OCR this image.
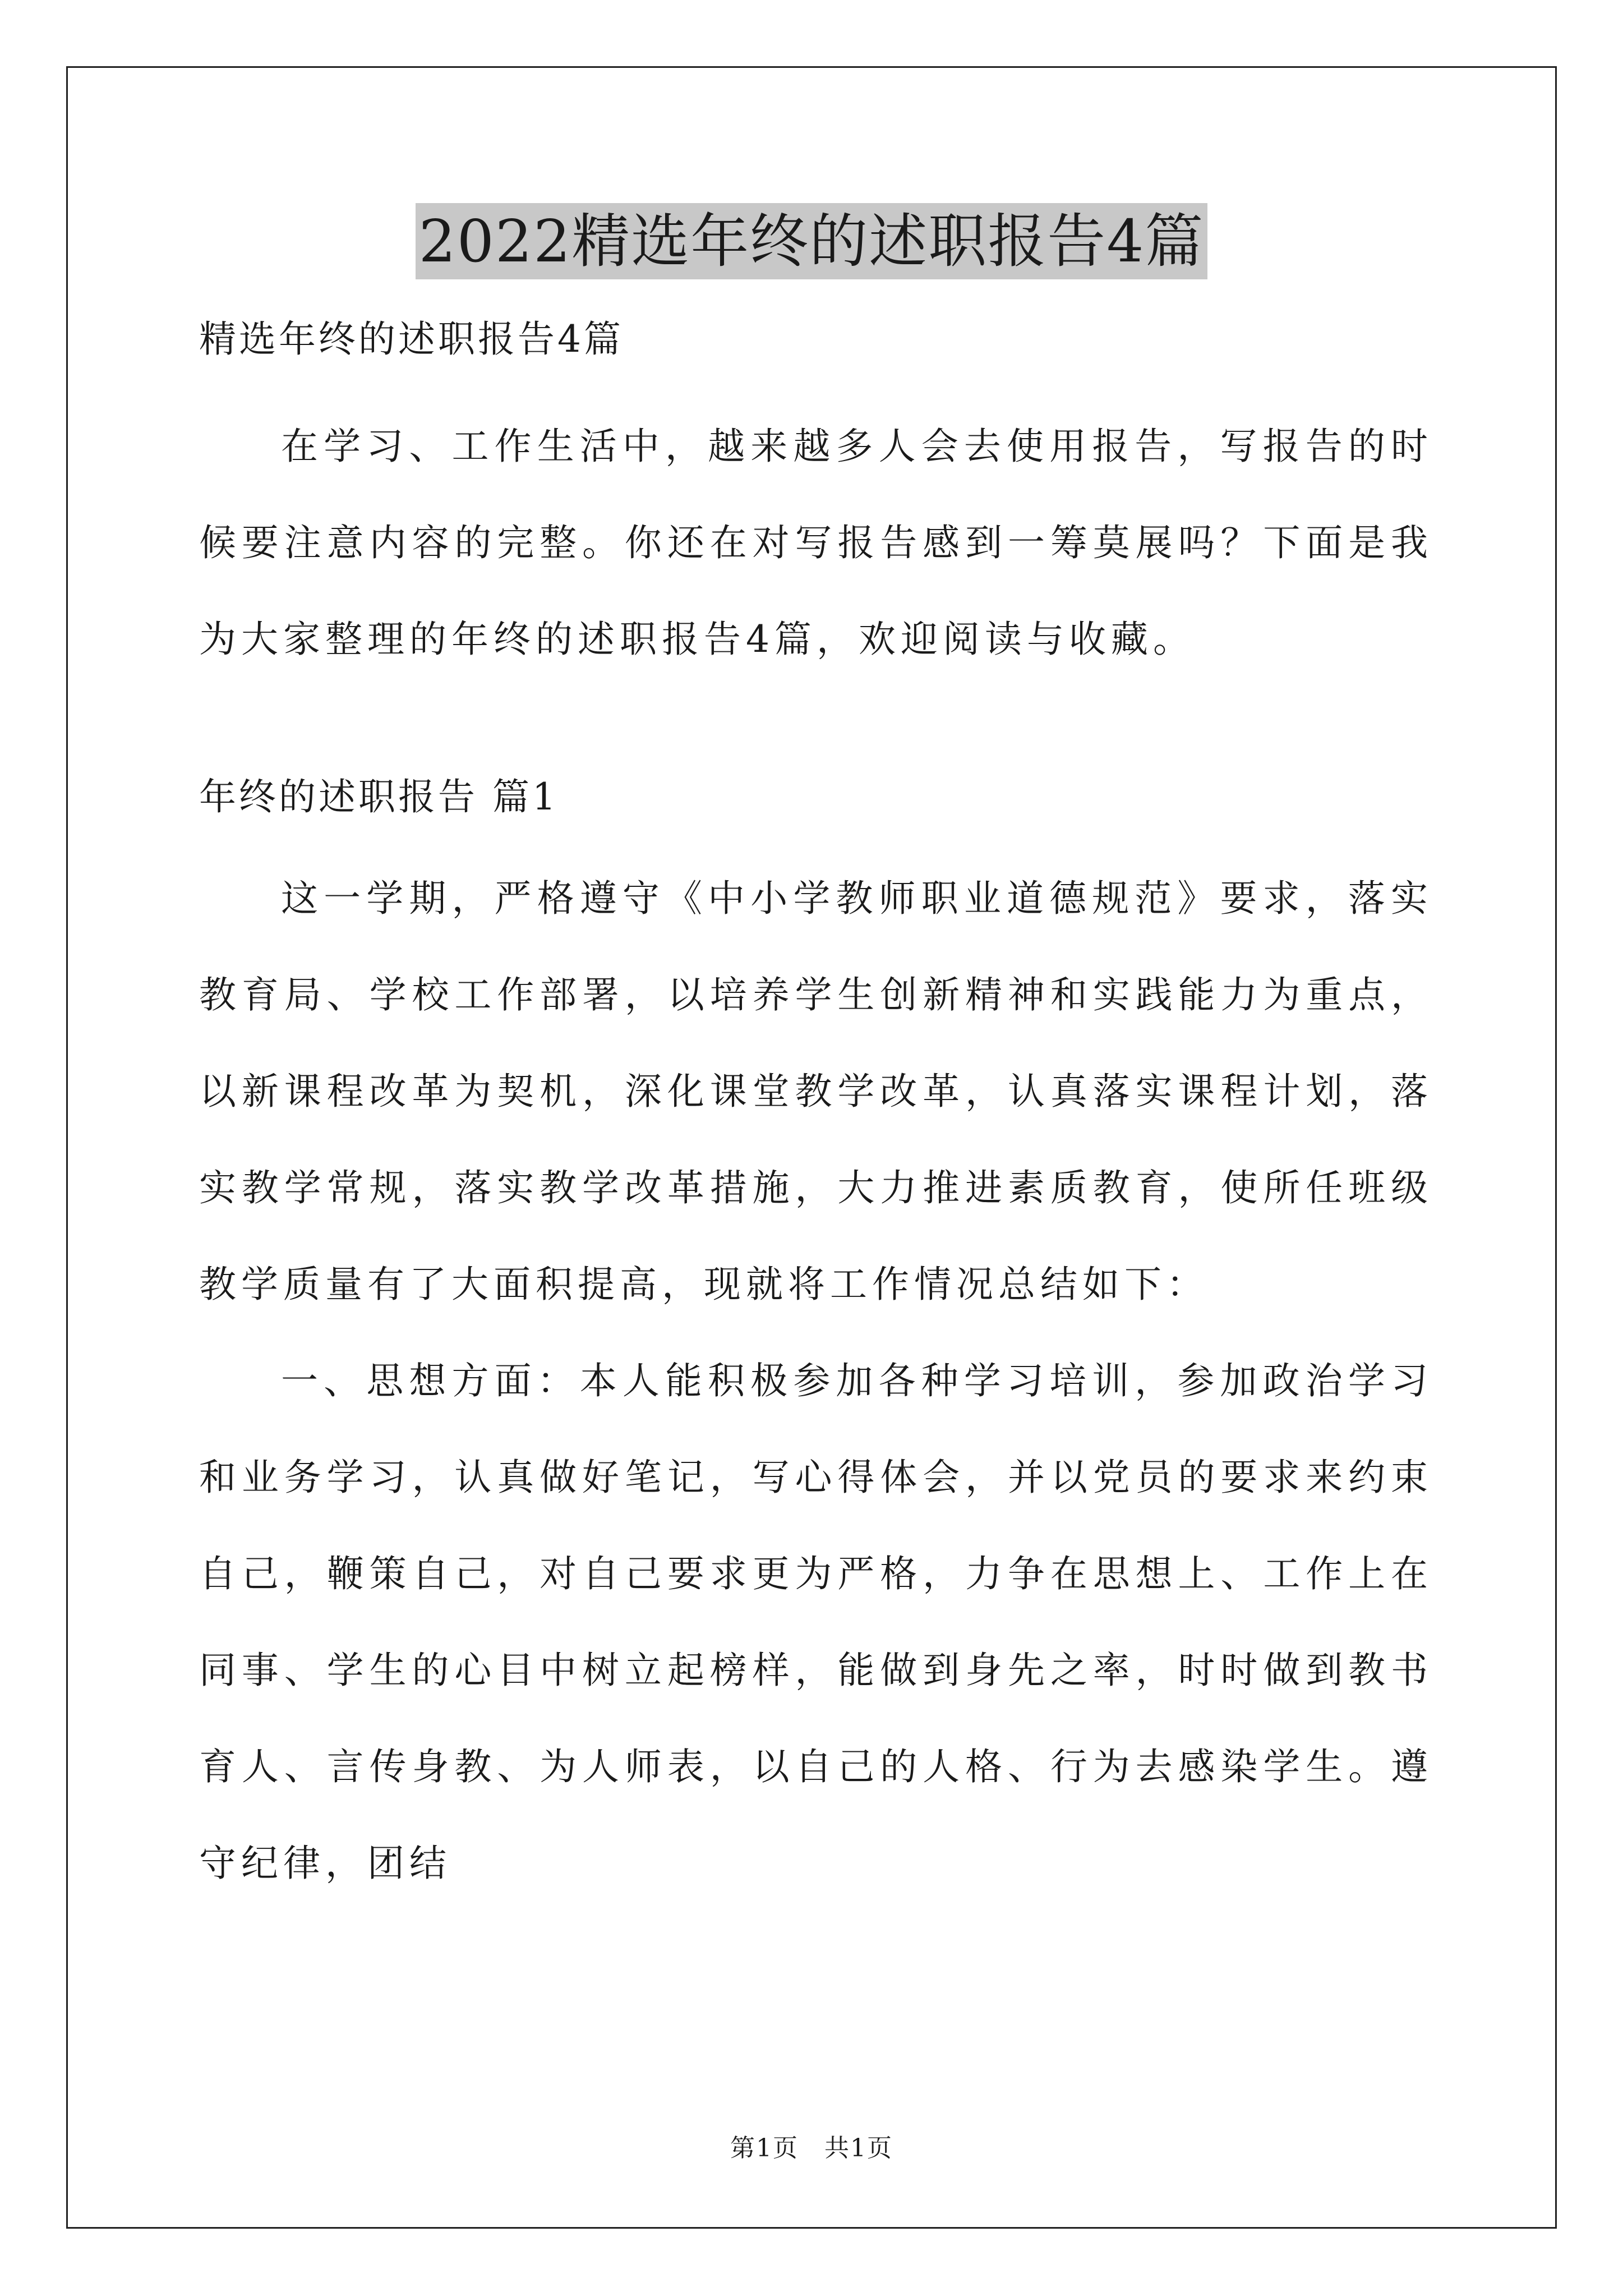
2022精选年终的述职报告4篇

精选年终的述职报告4篇

在学习、工作生活中，越来越多人会去使用报告，写报告的时候要注意内容的完整。你还在对写报告感到一筹莫展吗？下面是我为大家整理的年终的述职报告4篇，欢迎阅读与收藏。

年终的述职报告 篇1

这一学期，严格遵守《中小学教师职业道德规范》要求，落实教育局、学校工作部署，以培养学生创新精神和实践能力为重点，以新课程改革为契机，深化课堂教学改革，认真落实课程计划，落实教学常规，落实教学改革措施，大力推进素质教育，使所任班级教学质量有了大面积提高，现就将工作情况总结如下：

一、思想方面：本人能积极参加各种学习培训，参加政治学习和业务学习，认真做好笔记，写心得体会，并以党员的要求来约束自己，鞭策自己，对自己要求更为严格，力争在思想上、工作上在同事、学生的心目中树立起榜样，能做到身先之率，时时做到教书育人、言传身教、为人师表，以自己的人格、行为去感染学生。遵守纪律，团结

第1页　共1页
